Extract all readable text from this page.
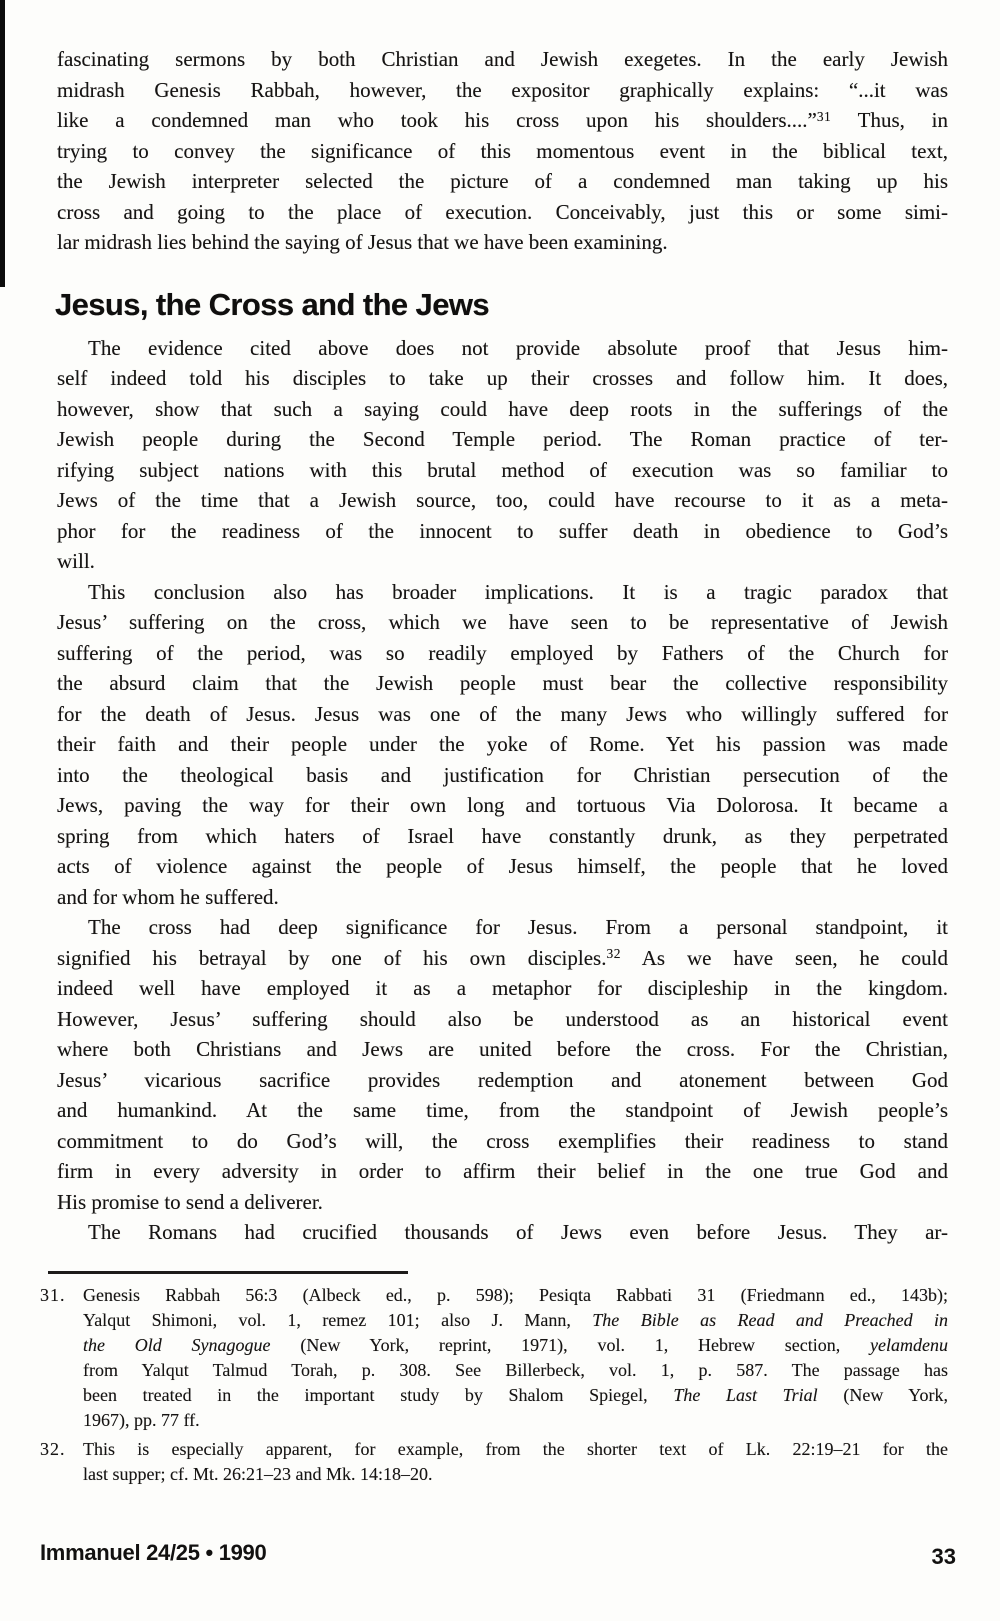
fascinating sermons by both Christian and Jewish exegetes. In the early Jewish
midrash Genesis Rabbah, however, the expositor graphically explains: “...it was
like a condemned man who took his cross upon his shoulders....”$^{31}$ Thus, in
trying to convey the significance of this momentous event in the biblical text,
the Jewish interpreter selected the picture of a condemned man taking up his
cross and going to the place of execution. Conceivably, just this or some simi-
lar midrash lies behind the saying of Jesus that we have been examining.
Jesus, the Cross and the Jews
The evidence cited above does not provide absolute proof that Jesus him-
self indeed told his disciples to take up their crosses and follow him. It does,
however, show that such a saying could have deep roots in the sufferings of the
Jewish people during the Second Temple period. The Roman practice of ter-
rifying subject nations with this brutal method of execution was so familiar to
Jews of the time that a Jewish source, too, could have recourse to it as a meta-
phor for the readiness of the innocent to suffer death in obedience to God’s
will.
This conclusion also has broader implications. It is a tragic paradox that
Jesus’ suffering on the cross, which we have seen to be representative of Jewish
suffering of the period, was so readily employed by Fathers of the Church for
the absurd claim that the Jewish people must bear the collective responsibility
for the death of Jesus. Jesus was one of the many Jews who willingly suffered for
their faith and their people under the yoke of Rome. Yet his passion was made
into the theological basis and justification for Christian persecution of the
Jews, paving the way for their own long and tortuous Via Dolorosa. It became a
spring from which haters of Israel have constantly drunk, as they perpetrated
acts of violence against the people of Jesus himself, the people that he loved
and for whom he suffered.
The cross had deep significance for Jesus. From a personal standpoint, it
signified his betrayal by one of his own disciples.$^{32}$ As we have seen, he could
indeed well have employed it as a metaphor for discipleship in the kingdom.
However, Jesus’ suffering should also be understood as an historical event
where both Christians and Jews are united before the cross. For the Christian,
Jesus’ vicarious sacrifice provides redemption and atonement between God
and humankind. At the same time, from the standpoint of Jewish people’s
commitment to do God’s will, the cross exemplifies their readiness to stand
firm in every adversity in order to affirm their belief in the one true God and
His promise to send a deliverer.
The Romans had crucified thousands of Jews even before Jesus. They ar-
31. Genesis Rabbah 56:3 (Albeck ed., p. 598); Pesiqta Rabbati 31 (Friedmann ed., 143b);
Yalqut Shimoni, vol. 1, remez 101; also J. Mann, The Bible as Read and Preached in
the Old Synagogue (New York, reprint, 1971), vol. 1, Hebrew section, yelamdenu
from Yalqut Talmud Torah, p. 308. See Billerbeck, vol. 1, p. 587. The passage has
been treated in the important study by Shalom Spiegel, The Last Trial (New York,
1967), pp. 77 ff.
32. This is especially apparent, for example, from the shorter text of Lk. 22:19–21 for the
last supper; cf. Mt. 26:21–23 and Mk. 14:18–20.
Immanuel 24/25 • 1990	33
